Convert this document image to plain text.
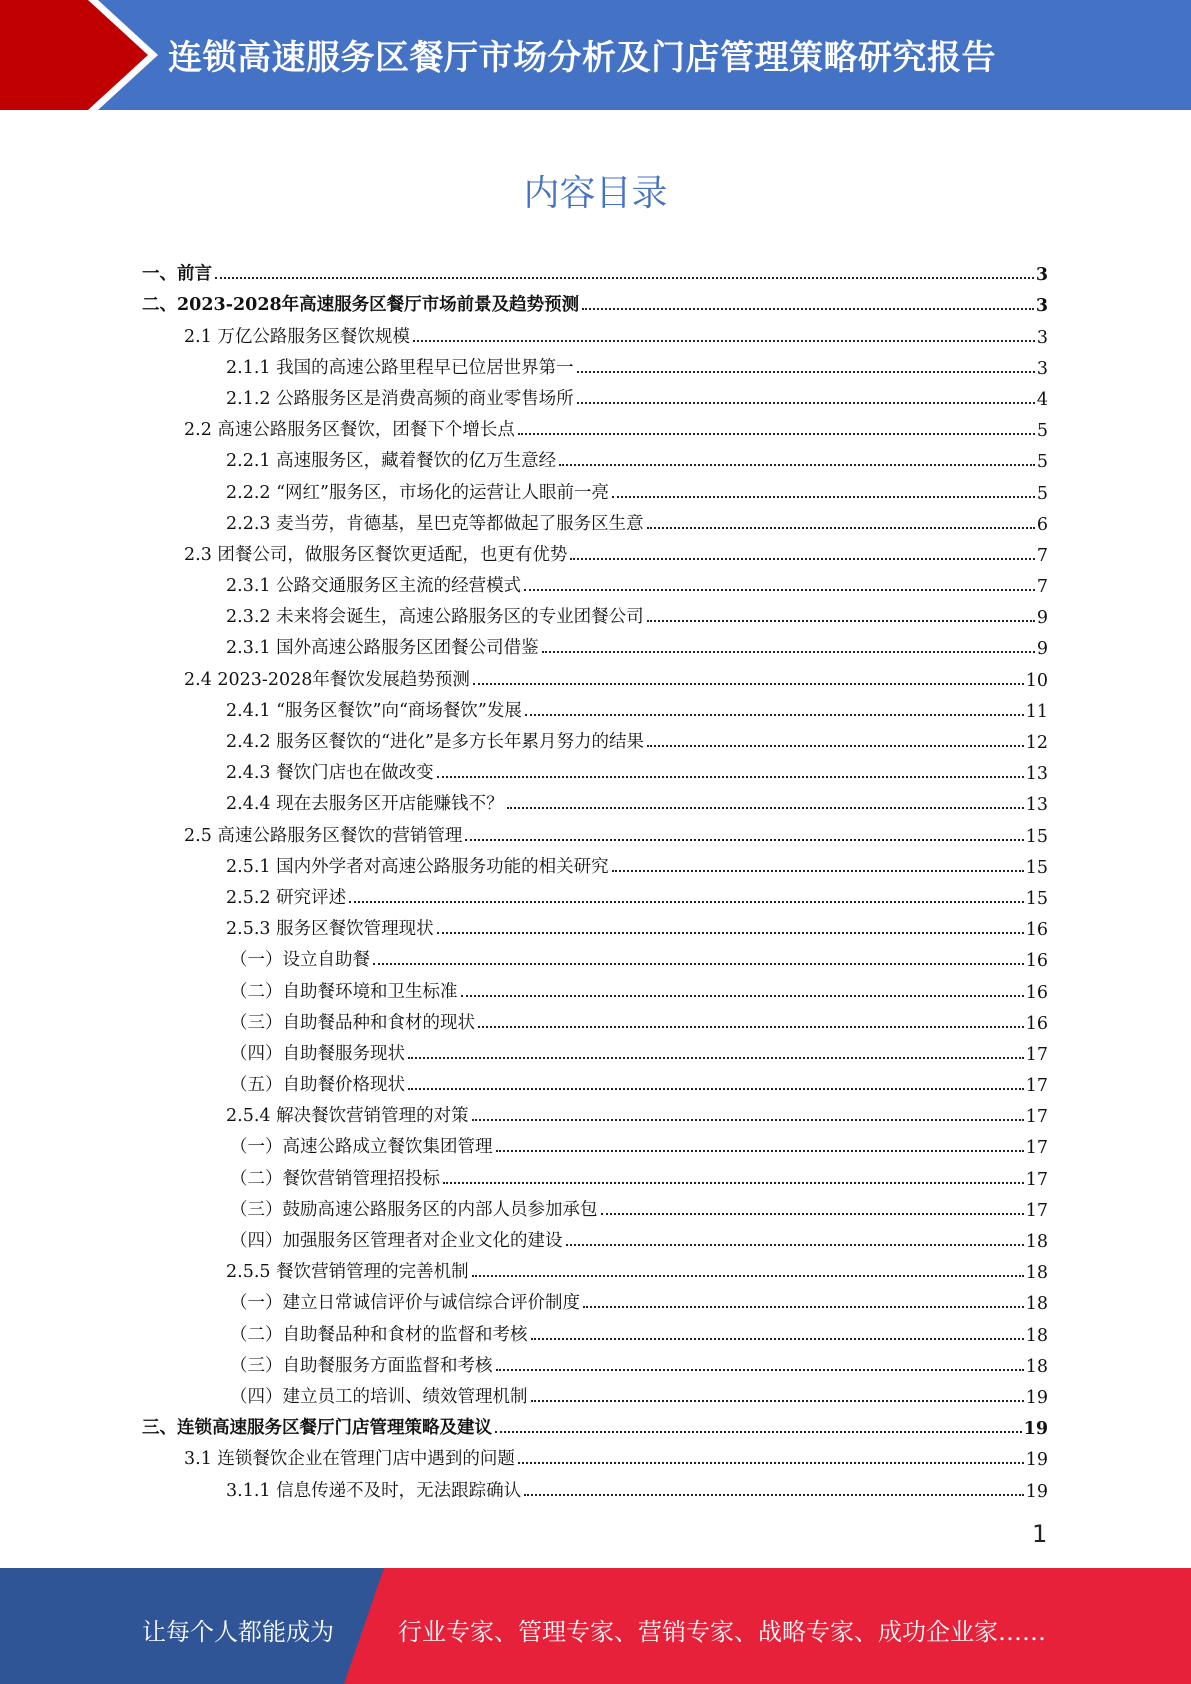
连锁高速服务区餐厅市场分析及门店管理策略研究报告
内容目录
一、前言	3
二、2023-2028年高速服务区餐厅市场前景及趋势预测	3
2.1 万亿公路服务区餐饮规模	3
2.1.1 我国的高速公路里程早已位居世界第一	3
2.1.2 公路服务区是消费高频的商业零售场所	4
2.2 高速公路服务区餐饮，团餐下个增长点	5
2.2.1 高速服务区，藏着餐饮的亿万生意经	5
2.2.2 “网红”服务区，市场化的运营让人眼前一亮	5
2.2.3 麦当劳，肯德基，星巴克等都做起了服务区生意	6
2.3 团餐公司，做服务区餐饮更适配，也更有优势	7
2.3.1 公路交通服务区主流的经营模式	7
2.3.2 未来将会诞生，高速公路服务区的专业团餐公司	9
2.3.1 国外高速公路服务区团餐公司借鉴	9
2.4 2023-2028年餐饮发展趋势预测	10
2.4.1 “服务区餐饮”向“商场餐饮”发展	11
2.4.2 服务区餐饮的“进化”是多方长年累月努力的结果	12
2.4.3 餐饮门店也在做改变	13
2.4.4 现在去服务区开店能赚钱不？	13
2.5 高速公路服务区餐饮的营销管理	15
2.5.1 国内外学者对高速公路服务功能的相关研究	15
2.5.2 研究评述	15
2.5.3 服务区餐饮管理现状	16
（一）设立自助餐	16
（二）自助餐环境和卫生标准	16
（三）自助餐品种和食材的现状	16
（四）自助餐服务现状	17
（五）自助餐价格现状	17
2.5.4 解决餐饮营销管理的对策	17
（一）高速公路成立餐饮集团管理	17
（二）餐饮营销管理招投标	17
（三）鼓励高速公路服务区的内部人员参加承包	17
（四）加强服务区管理者对企业文化的建设	18
2.5.5 餐饮营销管理的完善机制	18
（一）建立日常诚信评价与诚信综合评价制度	18
（二）自助餐品种和食材的监督和考核	18
（三）自助餐服务方面监督和考核	18
（四）建立员工的培训、绩效管理机制	19
三、连锁高速服务区餐厅门店管理策略及建议	19
3.1 连锁餐饮企业在管理门店中遇到的问题	19
3.1.1 信息传递不及时，无法跟踪确认	19
1
让每个人都能成为	行业专家、管理专家、营销专家、战略专家、成功企业家……
